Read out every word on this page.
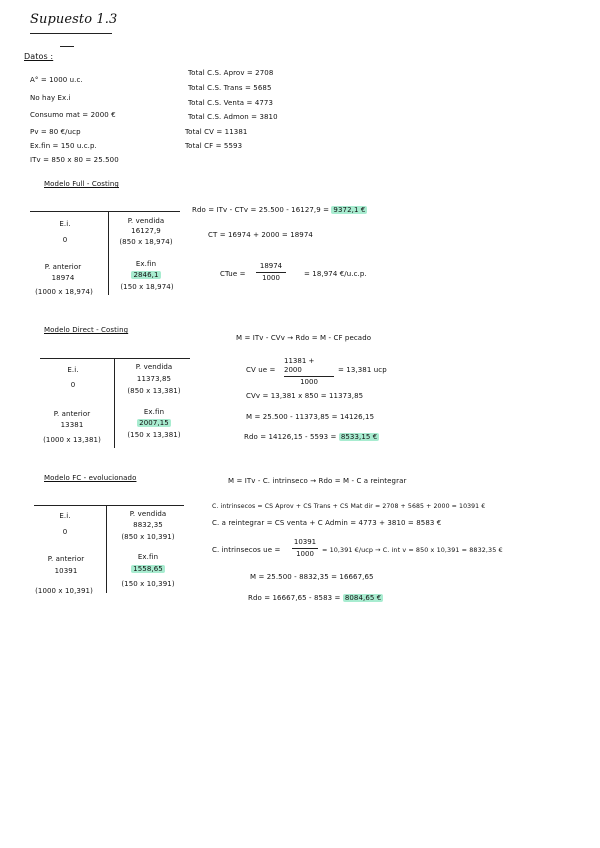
Supuesto 1.3
Datos :
A° = 1000 u.c.
No hay Ex.i
Consumo mat = 2000 €
Pv = 80 €/ucp
Ex.fin = 150 u.c.p.
ITv = 850 x 80 = 25.500
Total C.S. Aprov = 2708
Total C.S. Trans = 5685
Total C.S. Venta = 4773
Total C.S. Admon = 3810
Total CV = 11381
Total CF = 5593
Modelo Full - Costing
E.i.
0
P. vendida
16127,9
(850 x 18,974)
P. anterior
18974
(1000 x 18,974)
Ex.fin
2846,1
(150 x 18,974)
Rdo = ITv - CTv = 25.500 - 16127,9 = 9372,1 €
CT = 16974 + 2000 = 18974
CTue =
18974
1000	= 18,974 €/u.c.p.
Modelo Direct - Costing
E.i.
0
P. vendida
11373,85
(850 x 13,381)
P. anterior
13381
(1000 x 13,381)
Ex.fin
2007,15
(150 x 13,381)
M = ITv - CVv → Rdo = M - CF pecado
CV ue =
11381 + 2000
1000
= 13,381 ucp
CVv = 13,381 x 850 = 11373,85
M = 25.500 - 11373,85 = 14126,15
Rdo = 14126,15 - 5593 = 8533,15 €
Modelo FC - evolucionado
E.i.
0
P. vendida
8832,35
(850 x 10,391)
P. anterior
10391
(1000 x 10,391)
Ex.fin
1558,65
(150 x 10,391)
M = ITv - C. intrinseco → Rdo = M - C a reintegrar
C. intrinsecos = CS Aprov + CS Trans + CS Mat dir = 2708 + 5685 + 2000 = 10391 €
C. a reintegrar = CS venta + C Admin = 4773 + 3810 = 8583 €
C. intrinsecos ue =
10391
1000 = 10,391 €/ucp → C. int v = 850 x 10,391 = 8832,35 €
M = 25.500 - 8832,35 = 16667,65
Rdo = 16667,65 - 8583 = 8084,65 €
